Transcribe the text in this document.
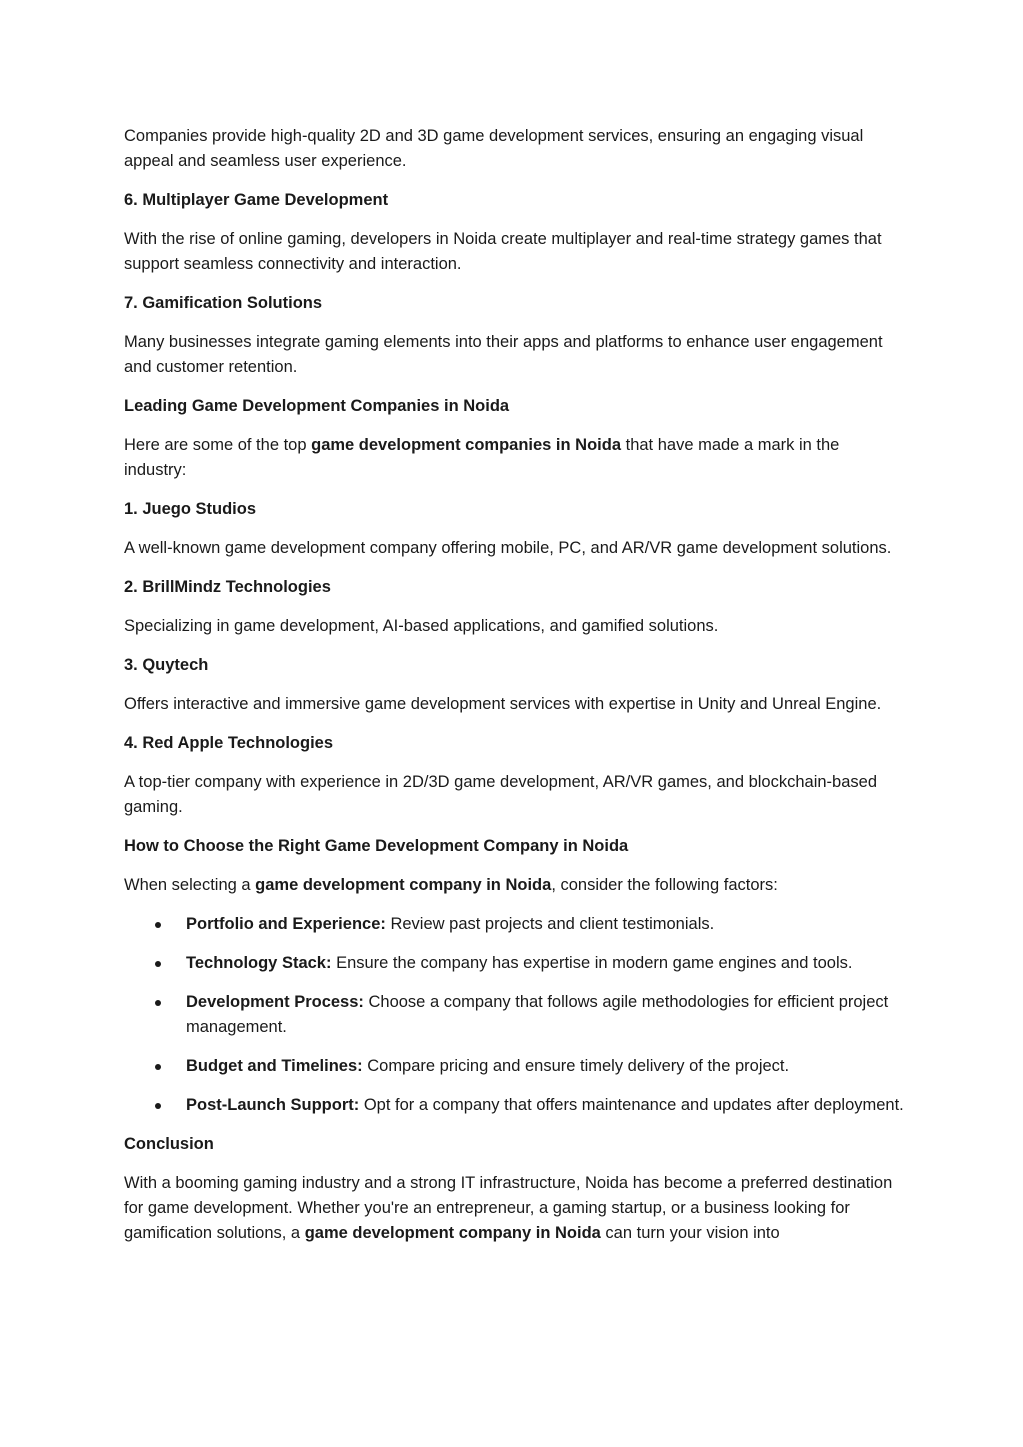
Companies provide high-quality 2D and 3D game development services, ensuring an engaging visual appeal and seamless user experience.

6. Multiplayer Game Development

With the rise of online gaming, developers in Noida create multiplayer and real-time strategy games that support seamless connectivity and interaction.

7. Gamification Solutions

Many businesses integrate gaming elements into their apps and platforms to enhance user engagement and customer retention.

Leading Game Development Companies in Noida

Here are some of the top game development companies in Noida that have made a mark in the industry:

1. Juego Studios

A well-known game development company offering mobile, PC, and AR/VR game development solutions.

2. BrillMindz Technologies

Specializing in game development, AI-based applications, and gamified solutions.

3. Quytech

Offers interactive and immersive game development services with expertise in Unity and Unreal Engine.

4. Red Apple Technologies

A top-tier company with experience in 2D/3D game development, AR/VR games, and blockchain-based gaming.

How to Choose the Right Game Development Company in Noida

When selecting a game development company in Noida, consider the following factors:

Portfolio and Experience: Review past projects and client testimonials.
Technology Stack: Ensure the company has expertise in modern game engines and tools.
Development Process: Choose a company that follows agile methodologies for efficient project management.
Budget and Timelines: Compare pricing and ensure timely delivery of the project.
Post-Launch Support: Opt for a company that offers maintenance and updates after deployment.

Conclusion

With a booming gaming industry and a strong IT infrastructure, Noida has become a preferred destination for game development. Whether you're an entrepreneur, a gaming startup, or a business looking for gamification solutions, a game development company in Noida can turn your vision into
